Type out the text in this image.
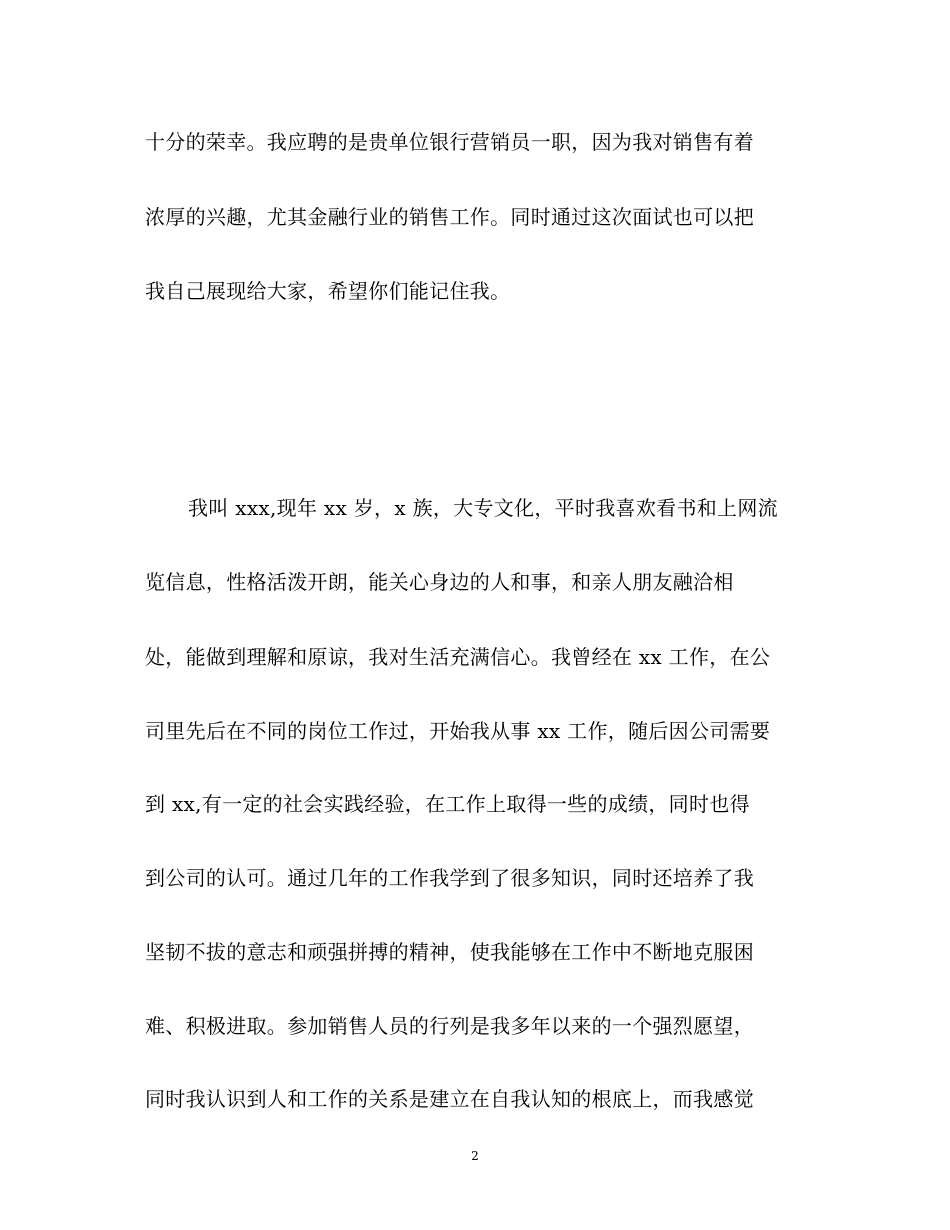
十分的荣幸。我应聘的是贵单位银行营销员一职，因为我对销售有着
浓厚的兴趣，尤其金融行业的销售工作。同时通过这次面试也可以把
我自己展现给大家，希望你们能记住我。
我叫 xxx,现年 xx 岁，x 族，大专文化，平时我喜欢看书和上网流
览信息，性格活泼开朗，能关心身边的人和事，和亲人朋友融洽相
处，能做到理解和原谅，我对生活充满信心。我曾经在 xx 工作，在公
司里先后在不同的岗位工作过，开始我从事 xx 工作，随后因公司需要
到 xx,有一定的社会实践经验，在工作上取得一些的成绩，同时也得
到公司的认可。通过几年的工作我学到了很多知识，同时还培养了我
坚韧不拔的意志和顽强拼搏的精神，使我能够在工作中不断地克服困
难、积极进取。参加销售人员的行列是我多年以来的一个强烈愿望，
同时我认识到人和工作的关系是建立在自我认知的根底上，而我感觉
2
